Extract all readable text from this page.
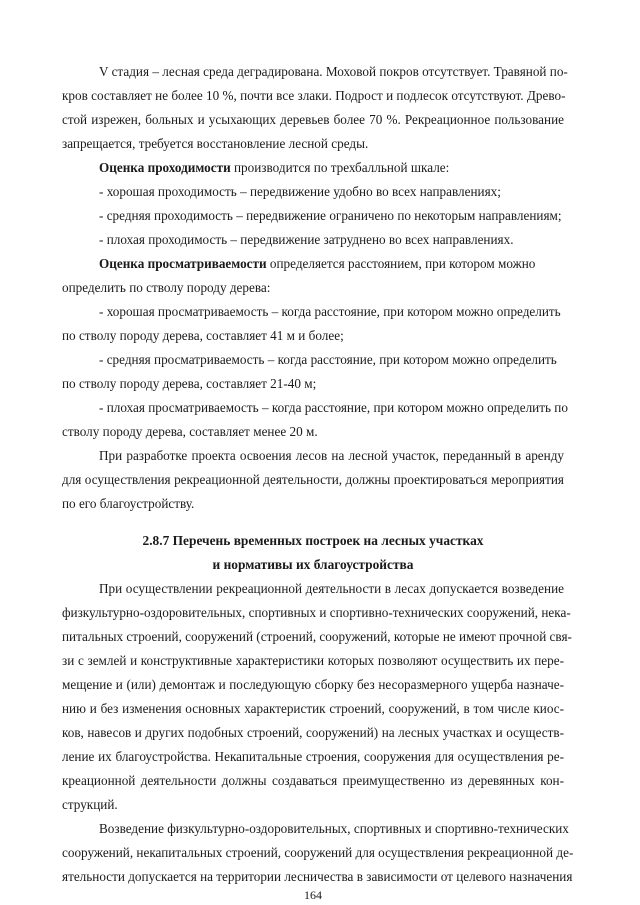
V стадия – лесная среда деградирована. Моховой покров отсутствует. Травяной по-
кров составляет не более 10 %, почти все злаки. Подрост и подлесок отсутствуют. Древо-
стой изрежен, больных и усыхающих деревьев более 70 %. Рекреационное пользование
запрещается, требуется восстановление лесной среды.
Оценка проходимости производится по трехбалльной шкале:
- хорошая проходимость – передвижение удобно во всех направлениях;
- средняя проходимость – передвижение ограничено по некоторым направлениям;
- плохая проходимость – передвижение затруднено во всех направлениях.
Оценка просматриваемости определяется расстоянием, при котором можно
определить по стволу породу дерева:
- хорошая просматриваемость – когда расстояние, при котором можно определить
по стволу породу дерева, составляет 41 м и более;
- средняя просматриваемость – когда расстояние, при котором можно определить
по стволу породу дерева, составляет 21-40 м;
- плохая просматриваемость – когда расстояние, при котором можно определить по
стволу породу дерева, составляет менее 20 м.
При разработке проекта освоения лесов на лесной участок, переданный в аренду
для осуществления рекреационной деятельности, должны проектироваться мероприятия
по его благоустройству.
2.8.7 Перечень временных построек на лесных участках
и нормативы их благоустройства
При осуществлении рекреационной деятельности в лесах допускается возведение
физкультурно-оздоровительных, спортивных и спортивно-технических сооружений, нека-
питальных строений, сооружений (строений, сооружений, которые не имеют прочной свя-
зи с землей и конструктивные характеристики которых позволяют осуществить их пере-
мещение и (или) демонтаж и последующую сборку без несоразмерного ущерба назначе-
нию и без изменения основных характеристик строений, сооружений, в том числе киос-
ков, навесов и других подобных строений, сооружений) на лесных участках и осуществ-
ление их благоустройства. Некапитальные строения, сооружения для осуществления ре-
креационной деятельности должны создаваться преимущественно из деревянных кон-
струкций.
Возведение физкультурно-оздоровительных, спортивных и спортивно-технических
сооружений, некапитальных строений, сооружений для осуществления рекреационной де-
ятельности допускается на территории лесничества в зависимости от целевого назначения
164
